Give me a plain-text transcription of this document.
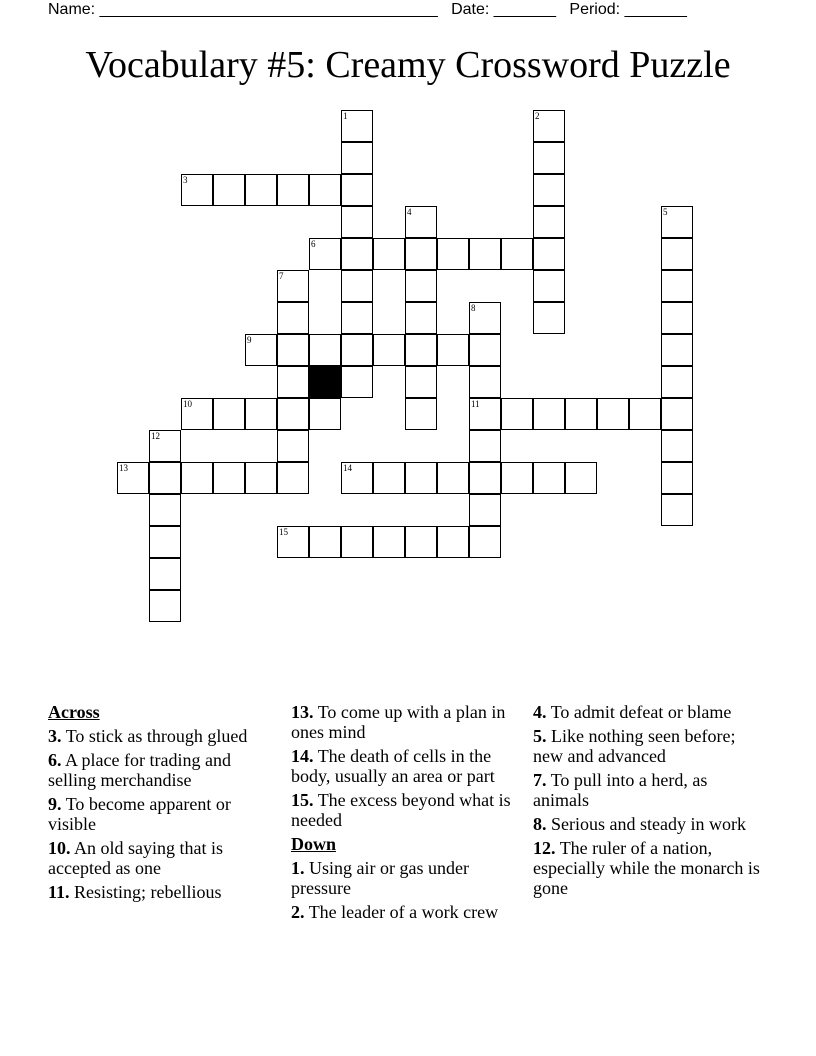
Name: ______________________________________ Date: _______ Period: _______
Vocabulary #5: Creamy Crossword Puzzle
1	2
3
4	5
6
7
8
11
9
10
12
13	14
15
Across
3. To stick as through glued
6. A place for trading and selling merchandise
9. To become apparent or visible
10. An old saying that is accepted as one
11. Resisting; rebellious
13. To come up with a plan in ones mind
14. The death of cells in the body, usually an area or part
15. The excess beyond what is needed
Down
1. Using air or gas under pressure
2. The leader of a work crew
4. To admit defeat or blame
5. Like nothing seen before; new and advanced
7. To pull into a herd, as animals
8. Serious and steady in work
12. The ruler of a nation, especially while the monarch is gone
